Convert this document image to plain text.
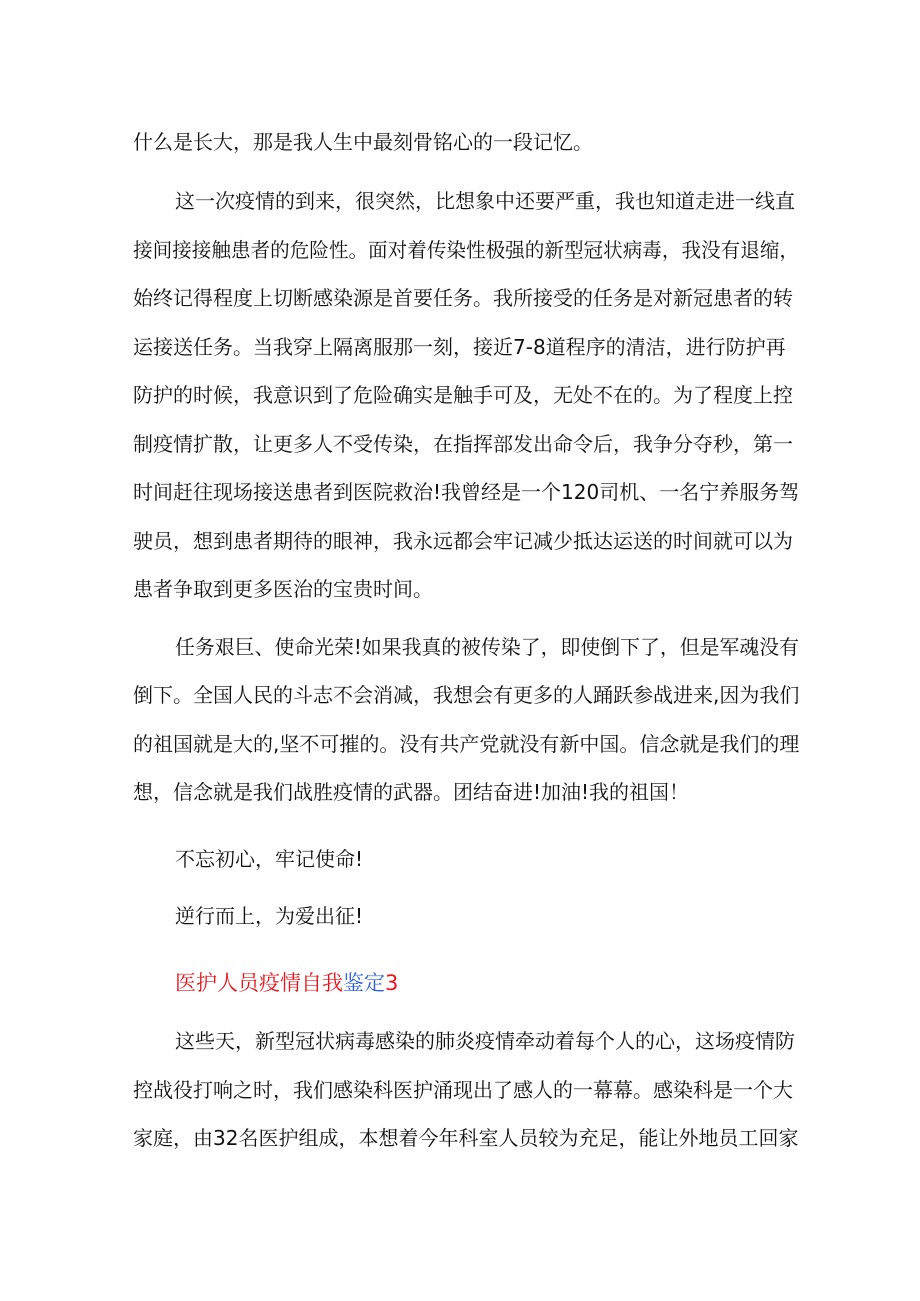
什么是长大，那是我人生中最刻骨铭心的一段记忆。
这一次疫情的到来，很突然，比想象中还要严重，我也知道走进一线直
接间接接触患者的危险性。面对着传染性极强的新型冠状病毒，我没有退缩，
始终记得程度上切断感染源是首要任务。我所接受的任务是对新冠患者的转
运接送任务。当我穿上隔离服那一刻，接近7-8道程序的清洁，进行防护再
防护的时候，我意识到了危险确实是触手可及，无处不在的。为了程度上控
制疫情扩散，让更多人不受传染，在指挥部发出命令后，我争分夺秒，第一
时间赶往现场接送患者到医院救治!我曾经是一个120司机、一名宁养服务驾
驶员，想到患者期待的眼神，我永远都会牢记减少抵达运送的时间就可以为
患者争取到更多医治的宝贵时间。
任务艰巨、使命光荣!如果我真的被传染了，即使倒下了，但是军魂没有
倒下。全国人民的斗志不会消减，我想会有更多的人踊跃参战进来,因为我们
的祖国就是大的,坚不可摧的。没有共产党就没有新中国。信念就是我们的理
想，信念就是我们战胜疫情的武器。团结奋进!加油!我的祖国！
不忘初心，牢记使命!
逆行而上，为爱出征!
医护人员疫情自我鉴定3
这些天，新型冠状病毒感染的肺炎疫情牵动着每个人的心，这场疫情防
控战役打响之时，我们感染科医护涌现出了感人的一幕幕。感染科是一个大
家庭，由32名医护组成，本想着今年科室人员较为充足，能让外地员工回家
